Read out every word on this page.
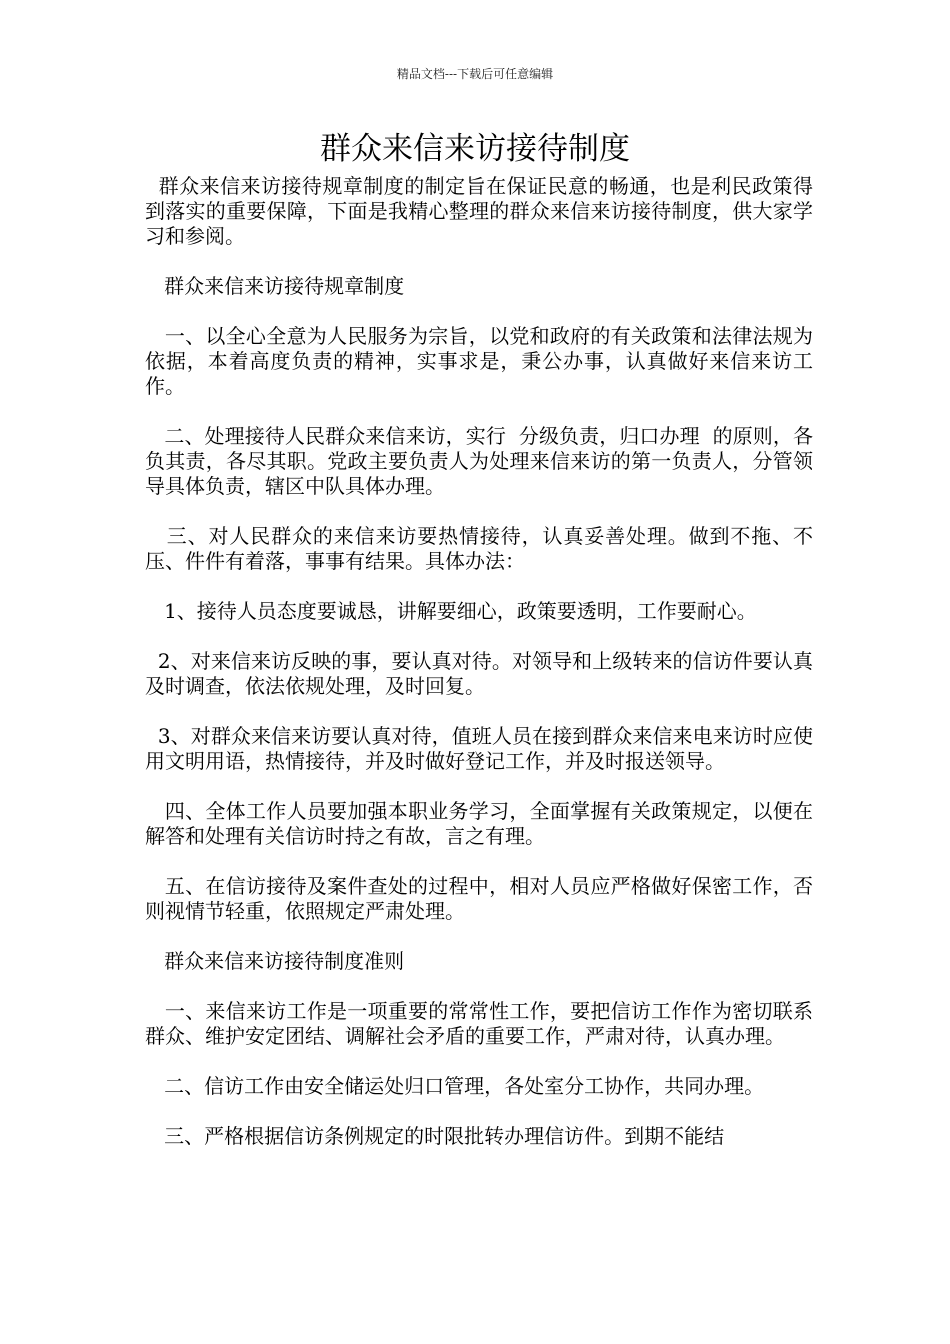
精品文档---下载后可任意编辑
群众来信来访接待制度

群众来信来访接待规章制度的制定旨在保证民意的畅通，也是利民政策得到落实的重要保障，下面是我精心整理的群众来信来访接待制度，供大家学习和参阅。

群众来信来访接待规章制度

一、以全心全意为人民服务为宗旨，以党和政府的有关政策和法律法规为依据，本着高度负责的精神，实事求是，秉公办事，认真做好来信来访工作。

二、处理接待人民群众来信来访，实行  分级负责，归口办理  的原则，各负其责，各尽其职。党政主要负责人为处理来信来访的第一负责人，分管领导具体负责，辖区中队具体办理。

三、对人民群众的来信来访要热情接待，认真妥善处理。做到不拖、不压、件件有着落，事事有结果。具体办法：

1、接待人员态度要诚恳，讲解要细心，政策要透明，工作要耐心。

2、对来信来访反映的事，要认真对待。对领导和上级转来的信访件要认真及时调查，依法依规处理，及时回复。

3、对群众来信来访要认真对待，值班人员在接到群众来信来电来访时应使用文明用语，热情接待，并及时做好登记工作，并及时报送领导。

四、全体工作人员要加强本职业务学习，全面掌握有关政策规定，以便在解答和处理有关信访时持之有故，言之有理。

五、在信访接待及案件查处的过程中，相对人员应严格做好保密工作，否则视情节轻重，依照规定严肃处理。

群众来信来访接待制度准则

一、来信来访工作是一项重要的常常性工作，要把信访工作作为密切联系群众、维护安定团结、调解社会矛盾的重要工作，严肃对待，认真办理。

二、信访工作由安全储运处归口管理，各处室分工协作，共同办理。

三、严格根据信访条例规定的时限批转办理信访件。到期不能结
